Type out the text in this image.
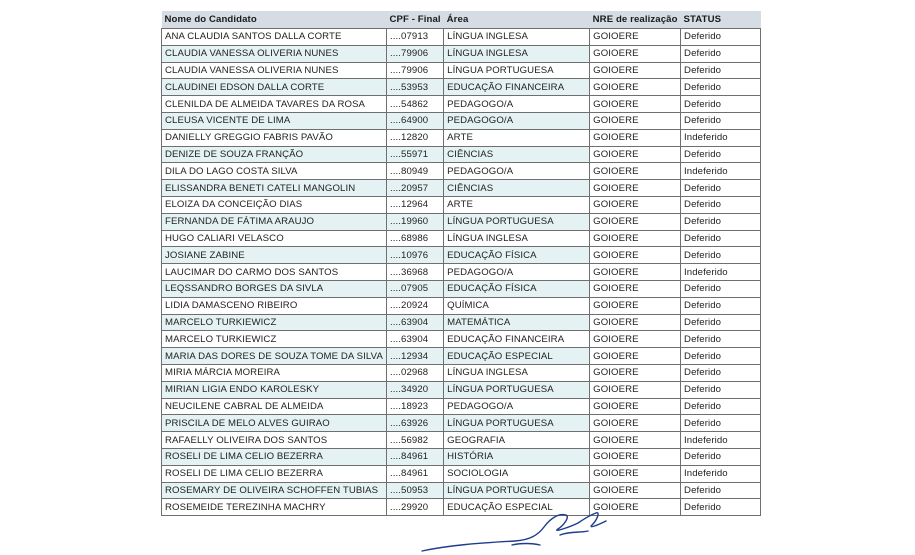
Nome do Candidato	CPF - Final	Área	NRE de realização	STATUS
ANA CLAUDIA SANTOS DALLA CORTE	....07913	LÍNGUA INGLESA	GOIOERE	Deferido
CLAUDIA VANESSA OLIVERIA NUNES	....79906	LÍNGUA INGLESA	GOIOERE	Deferido
CLAUDIA VANESSA OLIVERIA NUNES	....79906	LÍNGUA PORTUGUESA	GOIOERE	Deferido
CLAUDINEI EDSON DALLA CORTE	....53953	EDUCAÇÃO FINANCEIRA	GOIOERE	Deferido
CLENILDA DE ALMEIDA TAVARES DA ROSA	....54862	PEDAGOGO/A	GOIOERE	Deferido
CLEUSA VICENTE DE LIMA	....64900	PEDAGOGO/A	GOIOERE	Deferido
DANIELLY GREGGIO FABRIS PAVÃO	....12820	ARTE	GOIOERE	Indeferido
DENIZE DE SOUZA FRANÇÃO	....55971	CIÊNCIAS	GOIOERE	Deferido
DILA DO LAGO COSTA SILVA	....80949	PEDAGOGO/A	GOIOERE	Indeferido
ELISSANDRA BENETI CATELI MANGOLIN	....20957	CIÊNCIAS	GOIOERE	Deferido
ELOIZA DA CONCEIÇÃO DIAS	....12964	ARTE	GOIOERE	Deferido
FERNANDA DE FÁTIMA ARAUJO	....19960	LÍNGUA PORTUGUESA	GOIOERE	Deferido
HUGO CALIARI VELASCO	....68986	LÍNGUA INGLESA	GOIOERE	Deferido
JOSIANE ZABINE	....10976	EDUCAÇÃO FÍSICA	GOIOERE	Deferido
LAUCIMAR DO CARMO DOS SANTOS	....36968	PEDAGOGO/A	GOIOERE	Indeferido
LEQSSANDRO BORGES DA SIVLA	....07905	EDUCAÇÃO FÍSICA	GOIOERE	Deferido
LIDIA DAMASCENO RIBEIRO	....20924	QUÍMICA	GOIOERE	Deferido
MARCELO TURKIEWICZ	....63904	MATEMÁTICA	GOIOERE	Deferido
MARCELO TURKIEWICZ	....63904	EDUCAÇÃO FINANCEIRA	GOIOERE	Deferido
MARIA DAS DORES DE SOUZA TOME DA SILVA	....12934	EDUCAÇÃO ESPECIAL	GOIOERE	Deferido
MIRIA MÁRCIA MOREIRA	....02968	LÍNGUA INGLESA	GOIOERE	Deferido
MIRIAN LIGIA ENDO KAROLESKY	....34920	LÍNGUA PORTUGUESA	GOIOERE	Deferido
NEUCILENE CABRAL DE ALMEIDA	....18923	PEDAGOGO/A	GOIOERE	Deferido
PRISCILA DE MELO ALVES GUIRAO	....63926	LÍNGUA PORTUGUESA	GOIOERE	Deferido
RAFAELLY OLIVEIRA DOS SANTOS	....56982	GEOGRAFIA	GOIOERE	Indeferido
ROSELI DE LIMA CELIO BEZERRA	....84961	HISTÓRIA	GOIOERE	Deferido
ROSELI DE LIMA CELIO BEZERRA	....84961	SOCIOLOGIA	GOIOERE	Indeferido
ROSEMARY DE OLIVEIRA SCHOFFEN TUBIAS	....50953	LÍNGUA PORTUGUESA	GOIOERE	Deferido
ROSEMEIDE TEREZINHA MACHRY	....29920	EDUCAÇÃO ESPECIAL	GOIOERE	Deferido
